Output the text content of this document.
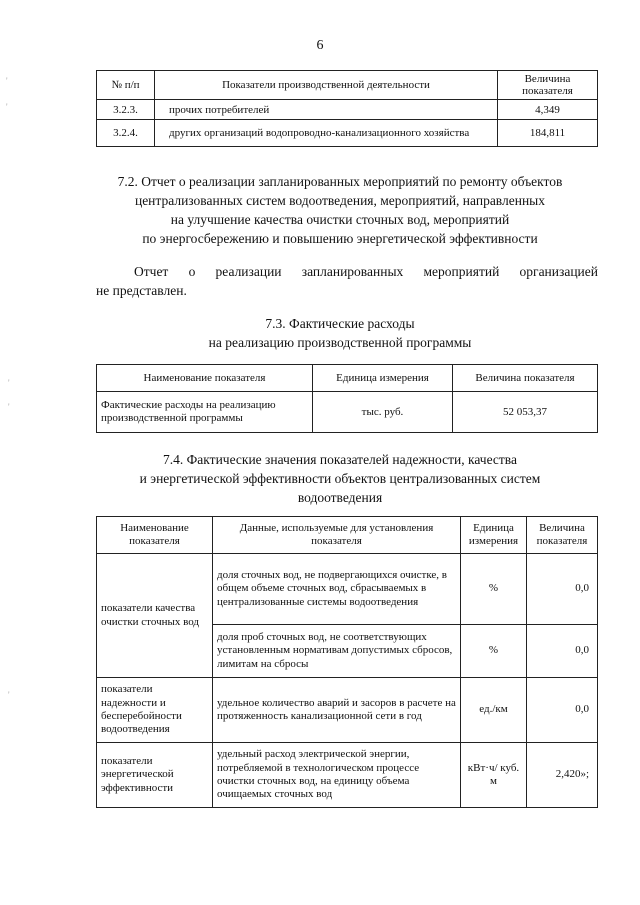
6
№ п/п	Показатели производственной деятельности	Величина показателя
3.2.3.	прочих потребителей	4,349
3.2.4.	других организаций водопроводно-канализационного хозяйства	184,811
7.2. Отчет о реализации запланированных мероприятий по ремонту объектов
централизованных систем водоотведения, мероприятий, направленных
на улучшение качества очистки сточных вод, мероприятий
по энергосбережению и повышению энергетической эффективности
Отчет о реализации запланированных мероприятий организацией
не представлен.
7.3. Фактические расходы
на реализацию производственной программы
Наименование показателя	Единица измерения	Величина показателя
Фактические расходы на реализацию производственной программы	тыс. руб.	52 053,37
7.4. Фактические значения показателей надежности, качества
и энергетической эффективности объектов централизованных систем
водоотведения
Наименование показателя	Данные, используемые для установления показателя	Единица измерения	Величина показателя
показатели качества очистки сточных вод	доля сточных вод, не подвергающихся очистке, в общем объеме сточных вод, сбрасываемых в централизованные системы водоотведения	%	0,0
	доля проб сточных вод, не соответствующих установленным нормативам допустимых сбросов, лимитам на сбросы	%	0,0
показатели надежности и бесперебойности водоотведения	удельное количество аварий и засоров в расчете на протяженность канализационной сети в год	ед./км	0,0
показатели энергетической эффективности	удельный расход электрической энергии, потребляемой в технологическом процессе очистки сточных вод, на единицу объема очищаемых сточных вод	кВт·ч/ куб. м	2,420»;
'
'
'
'
'
